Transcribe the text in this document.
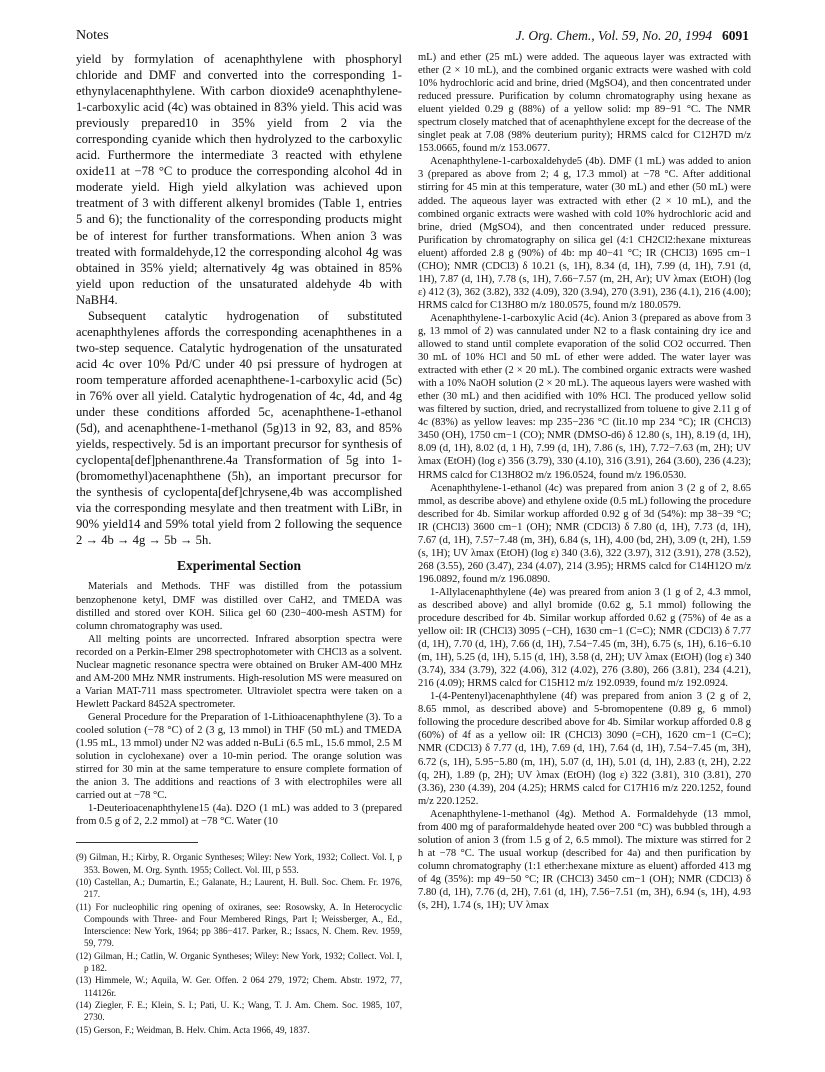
Notes	J. Org. Chem., Vol. 59, No. 20, 1994 6091

yield by formylation of acenaphthylene with phosphoryl chloride and DMF and converted into the corresponding 1-ethynylacenaphthylene. With carbon dioxide9 acenaphthylene-1-carboxylic acid (4c) was obtained in 83% yield. This acid was previously prepared10 in 35% yield from 2 via the corresponding cyanide which then hydrolyzed to the carboxylic acid. Furthermore the intermediate 3 reacted with ethylene oxide11 at −78 °C to produce the corresponding alcohol 4d in moderate yield. High yield alkylation was achieved upon treatment of 3 with different alkenyl bromides (Table 1, entries 5 and 6); the functionality of the corresponding products might be of interest for further transformations. When anion 3 was treated with formaldehyde,12 the corresponding alcohol 4g was obtained in 35% yield; alternatively 4g was obtained in 85% yield upon reduction of the unsaturated aldehyde 4b with NaBH4.

Subsequent catalytic hydrogenation of substituted acenaphthylenes affords the corresponding acenaphthenes in a two-step sequence. Catalytic hydrogenation of the unsaturated acid 4c over 10% Pd/C under 40 psi pressure of hydrogen at room temperature afforded acenaphthene-1-carboxylic acid (5c) in 76% over all yield. Catalytic hydrogenation of 4c, 4d, and 4g under these conditions afforded 5c, acenaphthene-1-ethanol (5d), and acenaphthene-1-methanol (5g)13 in 92, 83, and 85% yields, respectively. 5d is an important precursor for synthesis of cyclopenta[def]phenanthrene.4a Transformation of 5g into 1-(bromomethyl)acenaphthene (5h), an important precursor for the synthesis of cyclopenta[def]chrysene,4b was accomplished via the corresponding mesylate and then treatment with LiBr, in 90% yield14 and 59% total yield from 2 following the sequence 2 → 4b → 4g → 5b → 5h.

Experimental Section

Materials and Methods. THF was distilled from the potassium benzophenone ketyl, DMF was distilled over CaH2, and TMEDA was distilled and stored over KOH. Silica gel 60 (230−400-mesh ASTM) for column chromatography was used.

All melting points are uncorrected. Infrared absorption spectra were recorded on a Perkin-Elmer 298 spectrophotometer with CHCl3 as a solvent. Nuclear magnetic resonance spectra were obtained on Bruker AM-400 MHz and AM-200 MHz NMR instruments. High-resolution MS were measured on a Varian MAT-711 mass spectrometer. Ultraviolet spectra were taken on a Hewlett Packard 8452A spectrometer.

General Procedure for the Preparation of 1-Lithioacenaphthylene (3). To a cooled solution (−78 °C) of 2 (3 g, 13 mmol) in THF (50 mL) and TMEDA (1.95 mL, 13 mmol) under N2 was added n-BuLi (6.5 mL, 15.6 mmol, 2.5 M solution in cyclohexane) over a 10-min period. The orange solution was stirred for 30 min at the same temperature to ensure complete formation of the anion 3. The additions and reactions of 3 with electrophiles were all carried out at −78 °C.

1-Deuterioacenaphthylene15 (4a). D2O (1 mL) was added to 3 (prepared from 0.5 g of 2, 2.2 mmol) at −78 °C. Water (10

(9) Gilman, H.; Kirby, R. Organic Syntheses; Wiley: New York, 1932; Collect. Vol. I, p 353. Bowen, M. Org. Synth. 1955; Collect. Vol. III, p 553.
(10) Castellan, A.; Dumartin, E.; Galanate, H.; Laurent, H. Bull. Soc. Chem. Fr. 1976, 217.
(11) For nucleophilic ring opening of oxiranes, see: Rosowsky, A. In Heterocyclic Compounds with Three- and Four Membered Rings, Part I; Weissberger, A., Ed., Interscience: New York, 1964; pp 386−417. Parker, R.; Issacs, N. Chem. Rev. 1959, 59, 779.
(12) Gilman, H.; Catlin, W. Organic Syntheses; Wiley: New York, 1932; Collect. Vol. I, p 182.
(13) Himmele, W.; Aquila, W. Ger. Offen. 2 064 279, 1972; Chem. Abstr. 1972, 77, 114126r.
(14) Ziegler, F. E.; Klein, S. I.; Pati, U. K.; Wang, T. J. Am. Chem. Soc. 1985, 107, 2730.
(15) Gerson, F.; Weidman, B. Helv. Chim. Acta 1966, 49, 1837.

mL) and ether (25 mL) were added. The aqueous layer was extracted with ether (2 × 10 mL), and the combined organic extracts were washed with cold 10% hydrochloric acid and brine, dried (MgSO4), and then concentrated under reduced pressure. Purification by column chromatography using hexane as eluent yielded 0.29 g (88%) of a yellow solid: mp 89−91 °C. The NMR spectrum closely matched that of acenaphthylene except for the decrease of the singlet peak at 7.08 (98% deuterium purity); HRMS calcd for C12H7D m/z 153.0665, found m/z 153.0677.

Acenaphthylene-1-carboxaldehyde5 (4b). DMF (1 mL) was added to anion 3 (prepared as above from 2; 4 g, 17.3 mmol) at −78 °C. After additional stirring for 45 min at this temperature, water (30 mL) and ether (50 mL) were added. The aqueous layer was extracted with ether (2 × 10 mL), and the combined organic extracts were washed with cold 10% hydrochloric acid and brine, dried (MgSO4), and then concentrated under reduced pressure. Purification by chromatography on silica gel (4:1 CH2Cl2:hexane mixtureas eluent) afforded 2.8 g (90%) of 4b: mp 40−41 °C; IR (CHCl3) 1695 cm−1 (CHO); NMR (CDCl3) δ 10.21 (s, 1H), 8.34 (d, 1H), 7.99 (d, 1H), 7.91 (d, 1H), 7.87 (d, 1H), 7.78 (s, 1H), 7.66−7.57 (m, 2H, Ar); UV λmax (EtOH) (log ε) 412 (3), 362 (3.82), 332 (4.09), 320 (3.94), 270 (3.91), 236 (4.1), 216 (4.00); HRMS calcd for C13H8O m/z 180.0575, found m/z 180.0579.

Acenaphthylene-1-carboxylic Acid (4c). Anion 3 (prepared as above from 3 g, 13 mmol of 2) was cannulated under N2 to a flask containing dry ice and allowed to stand until complete evaporation of the solid CO2 occurred. Then 30 mL of 10% HCl and 50 mL of ether were added. The water layer was extracted with ether (2 × 20 mL). The combined organic extracts were washed with a 10% NaOH solution (2 × 20 mL). The aqueous layers were washed with ether (30 mL) and then acidified with 10% HCl. The produced yellow solid was filtered by suction, dried, and recrystallized from toluene to give 2.11 g of 4c (83%) as yellow leaves: mp 235−236 °C (lit.10 mp 234 °C); IR (CHCl3) 3450 (OH), 1750 cm−1 (CO); NMR (DMSO-d6) δ 12.80 (s, 1H), 8.19 (d, 1H), 8.09 (d, 1H), 8.02 (d, 1 H), 7.99 (d, 1H), 7.86 (s, 1H), 7.72−7.63 (m, 2H); UV λmax (EtOH) (log ε) 356 (3.79), 330 (4.10), 316 (3.91), 264 (3.60), 236 (4.23); HRMS calcd for C13H8O2 m/z 196.0524, found m/z 196.0530.

Acenaphthylene-1-ethanol (4c) was prepared from anion 3 (2 g of 2, 8.65 mmol, as describe above) and ethylene oxide (0.5 mL) following the procedure described for 4b. Similar workup afforded 0.92 g of 3d (54%): mp 38−39 °C; IR (CHCl3) 3600 cm−1 (OH); NMR (CDCl3) δ 7.80 (d, 1H), 7.73 (d, 1H), 7.67 (d, 1H), 7.57−7.48 (m, 3H), 6.84 (s, 1H), 4.00 (bd, 2H), 3.09 (t, 2H), 1.59 (s, 1H); UV λmax (EtOH) (log ε) 340 (3.6), 322 (3.97), 312 (3.91), 278 (3.52), 268 (3.55), 260 (3.47), 234 (4.07), 214 (3.95); HRMS calcd for C14H12O m/z 196.0892, found m/z 196.0890.

1-Allylacenaphthylene (4e) was preared from anion 3 (1 g of 2, 4.3 mmol, as described above) and allyl bromide (0.62 g, 5.1 mmol) following the procedure described for 4b. Similar workup afforded 0.62 g (75%) of 4e as a yellow oil: IR (CHCl3) 3095 (−CH), 1630 cm−1 (C=C); NMR (CDCl3) δ 7.77 (d, 1H), 7.70 (d, 1H), 7.66 (d, 1H), 7.54−7.45 (m, 3H), 6.75 (s, 1H), 6.16−6.10 (m, 1H), 5.25 (d, 1H), 5.15 (d, 1H), 3.58 (d, 2H); UV λmax (EtOH) (log ε) 340 (3.74), 334 (3.79), 322 (4.06), 312 (4.02), 276 (3.80), 266 (3.81), 234 (4.21), 216 (4.09); HRMS calcd for C15H12 m/z 192.0939, found m/z 192.0924.

1-(4-Pentenyl)acenaphthylene (4f) was prepared from anion 3 (2 g of 2, 8.65 mmol, as described above) and 5-bromopentene (0.89 g, 6 mmol) following the procedure described above for 4b. Similar workup afforded 0.8 g (60%) of 4f as a yellow oil: IR (CHCl3) 3090 (=CH), 1620 cm−1 (C=C); NMR (CDCl3) δ 7.77 (d, 1H), 7.69 (d, 1H), 7.64 (d, 1H), 7.54−7.45 (m, 3H), 6.72 (s, 1H), 5.95−5.80 (m, 1H), 5.07 (d, 1H), 5.01 (d, 1H), 2.83 (t, 2H), 2.22 (q, 2H), 1.89 (p, 2H); UV λmax (EtOH) (log ε) 322 (3.81), 310 (3.81), 270 (3.36), 230 (4.39), 204 (4.25); HRMS calcd for C17H16 m/z 220.1252, found m/z 220.1252.

Acenaphthylene-1-methanol (4g). Method A. Formaldehyde (13 mmol, from 400 mg of paraformaldehyde heated over 200 °C) was bubbled through a solution of anion 3 (from 1.5 g of 2, 6.5 mmol). The mixture was stirred for 2 h at −78 °C. The usual workup (described for 4a) and then purification by column chromatography (1:1 ether:hexane mixture as eluent) afforded 413 mg of 4g (35%): mp 49−50 °C; IR (CHCl3) 3450 cm−1 (OH); NMR (CDCl3) δ 7.80 (d, 1H), 7.76 (d, 2H), 7.61 (d, 1H), 7.56−7.51 (m, 3H), 6.94 (s, 1H), 4.93 (s, 2H), 1.74 (s, 1H); UV λmax
